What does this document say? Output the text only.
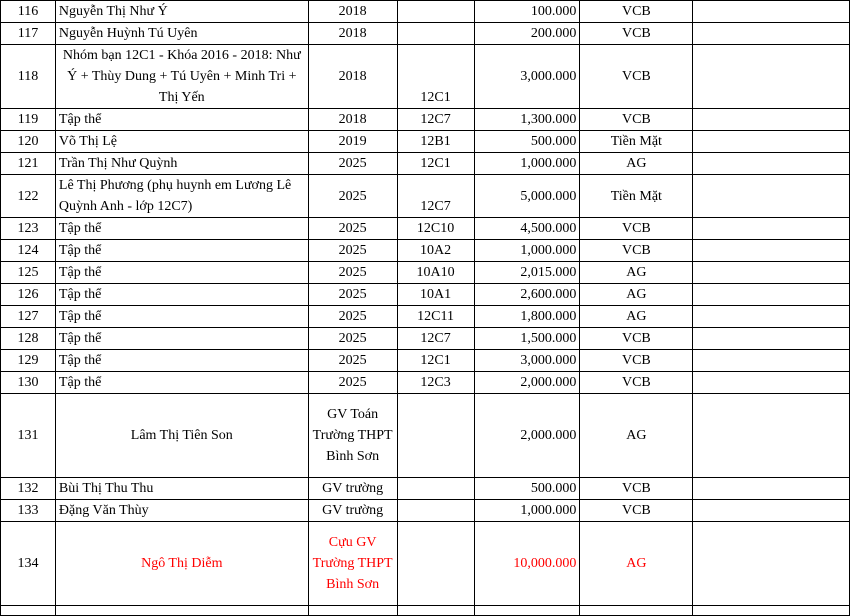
116	Nguyễn Thị Như Ý	2018		100.000	VCB	
117	Nguyễn Huỳnh Tú Uyên	2018		200.000	VCB	
118	Nhóm bạn 12C1 - Khóa 2016 - 2018: Như Ý + Thùy Dung + Tú Uyên + Minh Tri + Thị Yến	2018	12C1	3,000.000	VCB	
119	Tập thể	2018	12C7	1,300.000	VCB	
120	Võ Thị Lệ	2019	12B1	500.000	Tiền Mặt	
121	Trần Thị Như Quỳnh	2025	12C1	1,000.000	AG	
122	Lê Thị Phương (phụ huynh em Lương Lê Quỳnh Anh - lớp 12C7)	2025	12C7	5,000.000	Tiền Mặt	
123	Tập thể	2025	12C10	4,500.000	VCB	
124	Tập thể	2025	10A2	1,000.000	VCB	
125	Tập thể	2025	10A10	2,015.000	AG	
126	Tập thể	2025	10A1	2,600.000	AG	
127	Tập thể	2025	12C11	1,800.000	AG	
128	Tập thể	2025	12C7	1,500.000	VCB	
129	Tập thể	2025	12C1	3,000.000	VCB	
130	Tập thể	2025	12C3	2,000.000	VCB	
131	Lâm Thị Tiên Son	GV Toán Trường THPT Bình Sơn		2,000.000	AG	
132	Bùi Thị Thu Thu	GV trường		500.000	VCB	
133	Đặng Văn Thùy	GV trường		1,000.000	VCB	
134	Ngô Thị Diễm	Cựu GV Trường THPT Bình Sơn		10,000.000	AG	
